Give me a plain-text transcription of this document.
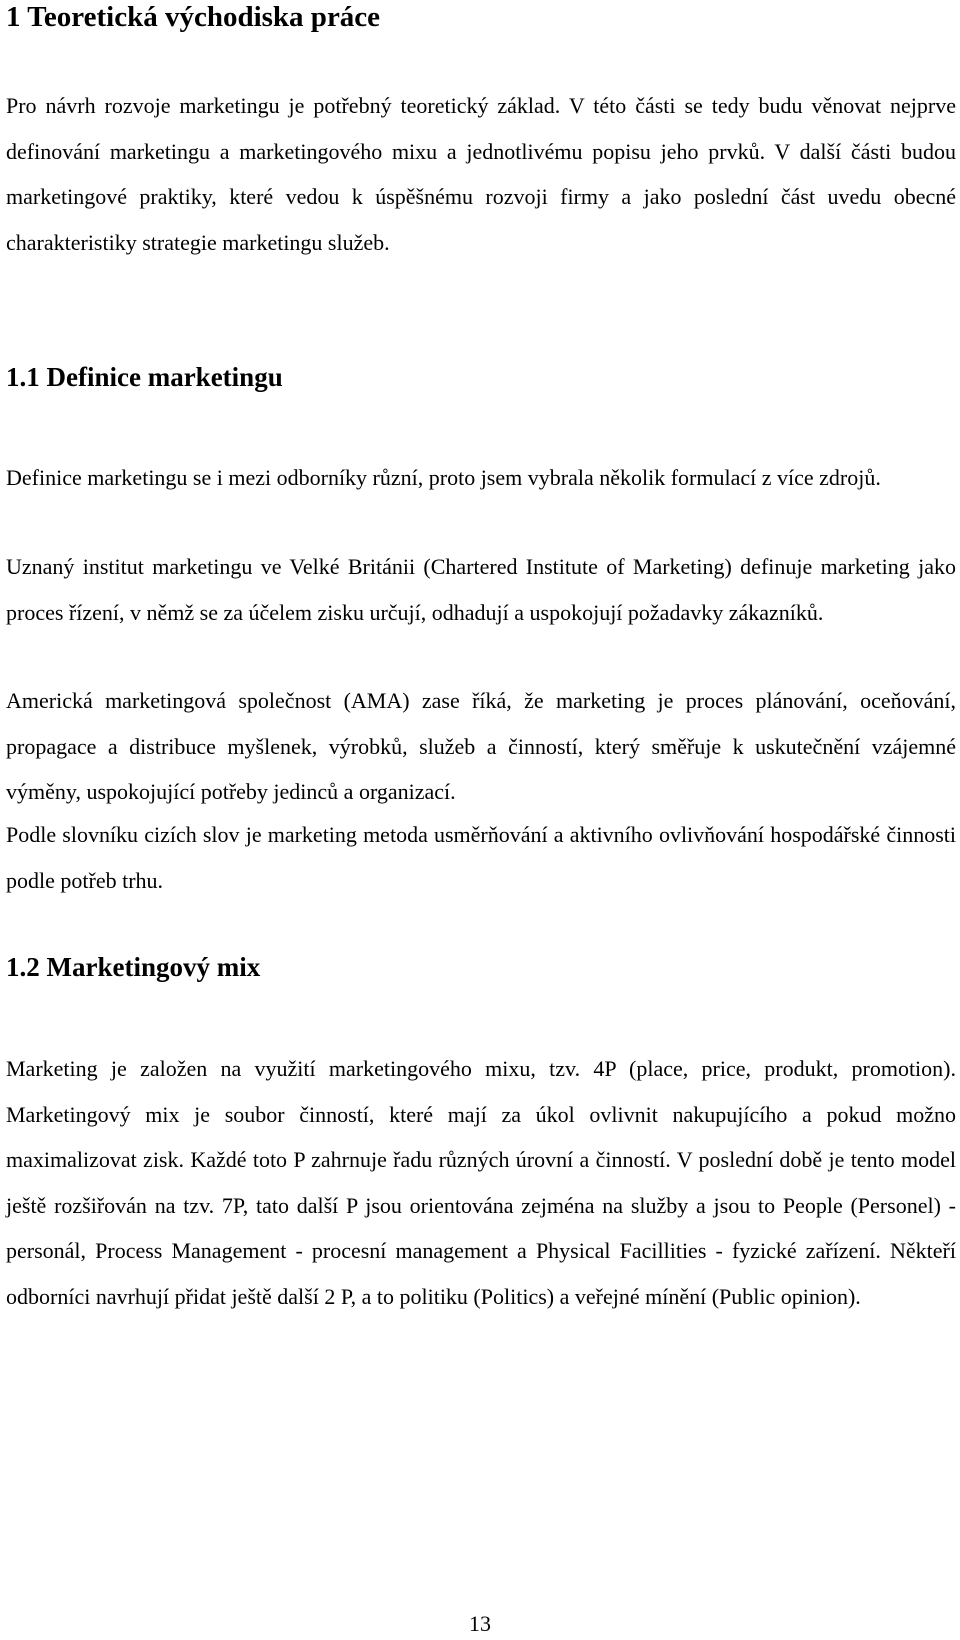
1 Teoretická východiska práce

Pro návrh rozvoje marketingu je potřebný teoretický základ. V této části se tedy budu věnovat nejprve definování marketingu a marketingového mixu a jednotlivému popisu jeho prvků. V další části budou marketingové praktiky, které vedou k úspěšnému rozvoji firmy a jako poslední část uvedu obecné charakteristiky strategie marketingu služeb.

1.1 Definice marketingu

Definice marketingu se i mezi odborníky různí, proto jsem vybrala několik formulací z více zdrojů.

Uznaný institut marketingu ve Velké Británii (Chartered Institute of Marketing) definuje marketing jako proces řízení, v němž se za účelem zisku určují, odhadují a uspokojují požadavky zákazníků.

Americká marketingová společnost (AMA) zase říká, že marketing je proces plánování, oceňování, propagace a distribuce myšlenek, výrobků, služeb a činností, který směřuje k uskutečnění vzájemné výměny, uspokojující potřeby jedinců a organizací.

Podle slovníku cizích slov je marketing metoda usměrňování a aktivního ovlivňování hospodářské činnosti podle potřeb trhu.

1.2 Marketingový mix

Marketing je založen na využití marketingového mixu, tzv. 4P (place, price, produkt, promotion). Marketingový mix je soubor činností, které mají za úkol ovlivnit nakupujícího a pokud možno maximalizovat zisk. Každé toto P zahrnuje řadu různých úrovní a činností. V poslední době je tento model ještě rozšiřován na tzv. 7P, tato další P jsou orientována zejména na služby a jsou to People (Personel) - personál, Process Management - procesní management a Physical Facillities - fyzické zařízení. Někteří odborníci navrhují přidat ještě další 2 P, a to politiku (Politics) a veřejné mínění (Public opinion).

13
